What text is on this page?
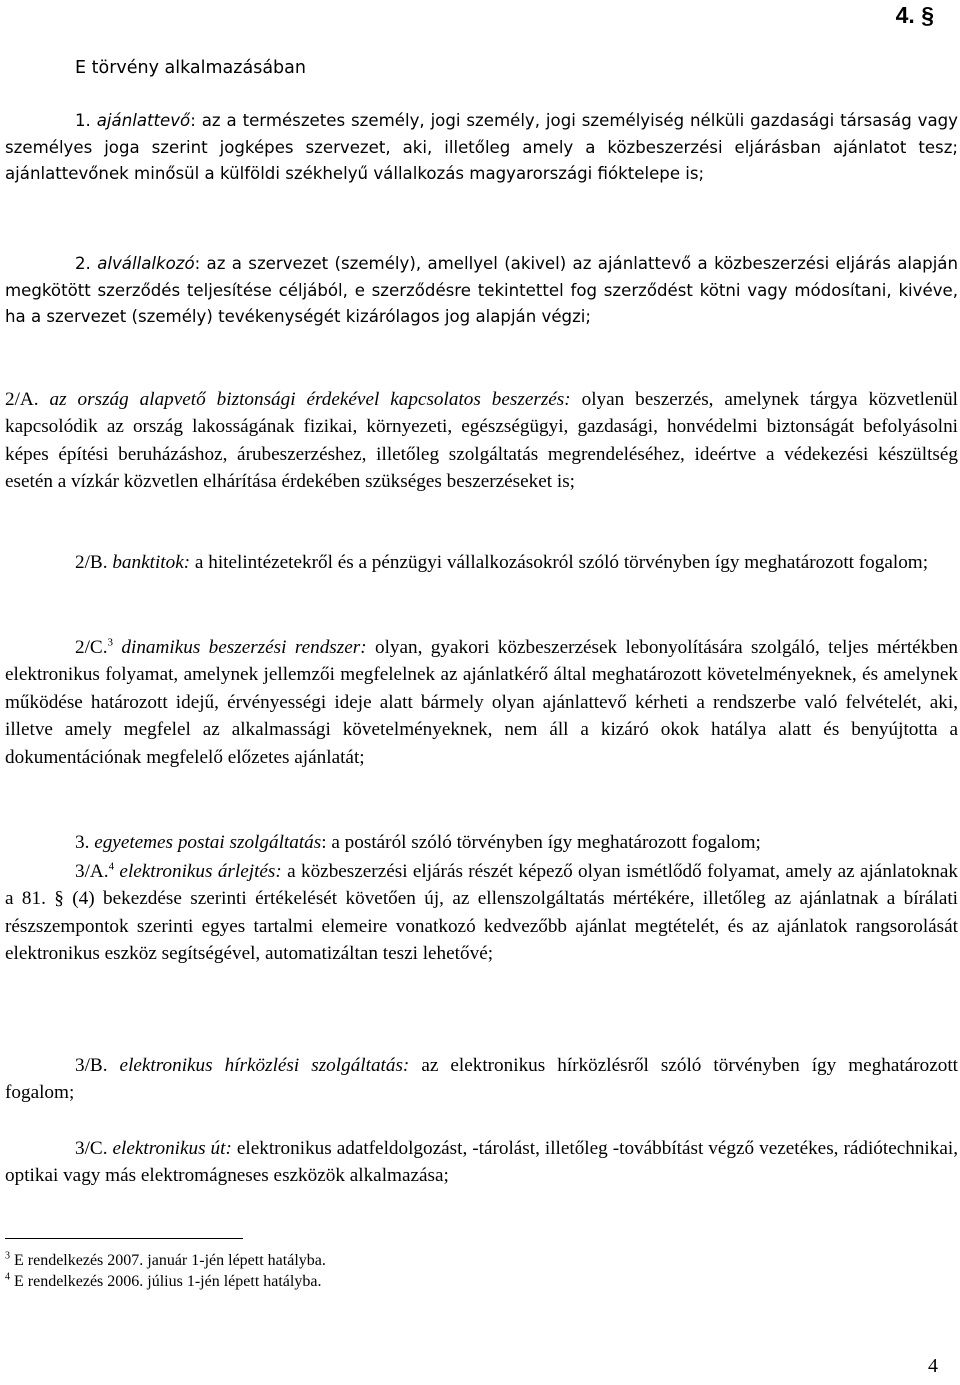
4. §
E törvény alkalmazásában

1. ajánlattevő: az a természetes személy, jogi személy, jogi személyiség nélküli gazdasági társaság vagy személyes joga szerint jogképes szervezet, aki, illetőleg amely a közbeszerzési eljárásban ajánlatot tesz; ajánlattevőnek minősül a külföldi székhelyű vállalkozás magyarországi fióktelepe is;

2. alvállalkozó: az a szervezet (személy), amellyel (akivel) az ajánlattevő a közbeszerzési eljárás alapján megkötött szerződés teljesítése céljából, e szerződésre tekintettel fog szerződést kötni vagy módosítani, kivéve, ha a szervezet (személy) tevékenységét kizárólagos jog alapján végzi;

2/A. az ország alapvető biztonsági érdekével kapcsolatos beszerzés: olyan beszerzés, amelynek tárgya közvetlenül kapcsolódik az ország lakosságának fizikai, környezeti, egészségügyi, gazdasági, honvédelmi biztonságát befolyásolni képes építési beruházáshoz, árubeszerzéshez, illetőleg szolgáltatás megrendeléséhez, ideértve a védekezési készültség esetén a vízkár közvetlen elhárítása érdekében szükséges beszerzéseket is;

2/B. banktitok: a hitelintézetekről és a pénzügyi vállalkozásokról szóló törvényben így meghatározott fogalom;

2/C.$^3$ dinamikus beszerzési rendszer: olyan, gyakori közbeszerzések lebonyolítására szolgáló, teljes mértékben elektronikus folyamat, amelynek jellemzői megfelelnek az ajánlatkérő által meghatározott követelményeknek, és amelynek működése határozott idejű, érvényességi ideje alatt bármely olyan ajánlattevő kérheti a rendszerbe való felvételét, aki, illetve amely megfelel az alkalmassági követelményeknek, nem áll a kizáró okok hatálya alatt és benyújtotta a dokumentációnak megfelelő előzetes ajánlatát;

3. egyetemes postai szolgáltatás: a postáról szóló törvényben így meghatározott fogalom;

3/A.$^4$ elektronikus árlejtés: a közbeszerzési eljárás részét képező olyan ismétlődő folyamat, amely az ajánlatoknak a 81. § (4) bekezdése szerinti értékelését követően új, az ellenszolgáltatás mértékére, illetőleg az ajánlatnak a bírálati részszempontok szerinti egyes tartalmi elemeire vonatkozó kedvezőbb ajánlat megtételét, és az ajánlatok rangsorolását elektronikus eszköz segítségével, automatizáltan teszi lehetővé;

3/B. elektronikus hírközlési szolgáltatás: az elektronikus hírközlésről szóló törvényben így meghatározott fogalom;

3/C. elektronikus út: elektronikus adatfeldolgozást, -tárolást, illetőleg -továbbítást végző vezetékes, rádiótechnikai, optikai vagy más elektromágneses eszközök alkalmazása;

$^3$ E rendelkezés 2007. január 1-jén lépett hatályba.
$^4$ E rendelkezés 2006. július 1-jén lépett hatályba.
4
